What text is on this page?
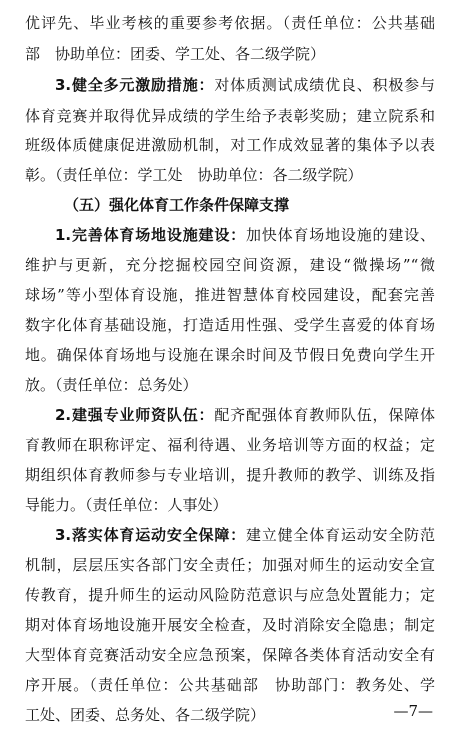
优评先、毕业考核的重要参考依据。（责任单位：公共基础
部　协助单位：团委、学工处、各二级学院）
3.健全多元激励措施：对体质测试成绩优良、积极参与
体育竞赛并取得优异成绩的学生给予表彰奖励；建立院系和
班级体质健康促进激励机制，对工作成效显著的集体予以表
彰。（责任单位：学工处　协助单位：各二级学院）
（五）强化体育工作条件保障支撑
1.完善体育场地设施建设：加快体育场地设施的建设、
维护与更新，充分挖掘校园空间资源，建设“微操场”“微
球场”等小型体育设施，推进智慧体育校园建设，配套完善
数字化体育基础设施，打造适用性强、受学生喜爱的体育场
地。确保体育场地与设施在课余时间及节假日免费向学生开
放。（责任单位：总务处）
2.建强专业师资队伍：配齐配强体育教师队伍，保障体
育教师在职称评定、福利待遇、业务培训等方面的权益；定
期组织体育教师参与专业培训，提升教师的教学、训练及指
导能力。（责任单位：人事处）
3.落实体育运动安全保障：建立健全体育运动安全防范
机制，层层压实各部门安全责任；加强对师生的运动安全宣
传教育，提升师生的运动风险防范意识与应急处置能力；定
期对体育场地设施开展安全检查，及时消除安全隐患；制定
大型体育竞赛活动安全应急预案，保障各类体育活动安全有
序开展。（责任单位：公共基础部　协助部门：教务处、学
工处、团委、总务处、各二级学院）	—7—
